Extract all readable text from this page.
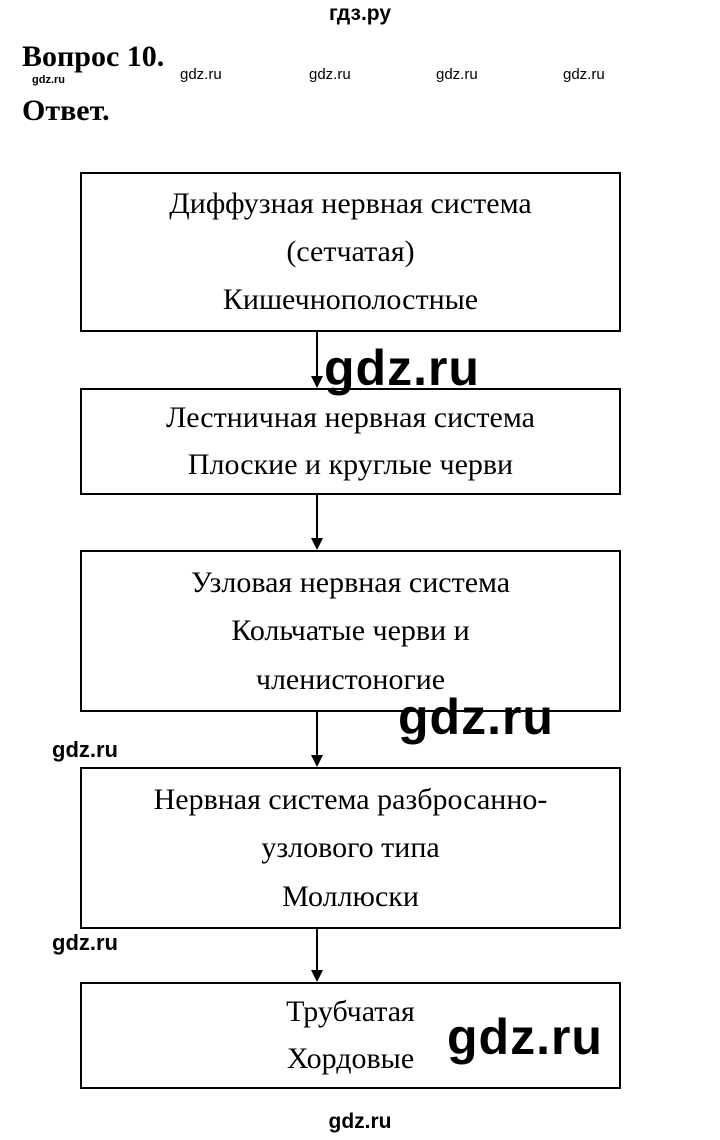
гдз.ру
Вопрос 10.
Ответ.
gdz.ru	gdz.ru	gdz.ru	gdz.ru	gdz.ru
Диффузная нервная система
(сетчатая)
Кишечнополостные
Лестничная нервная система
Плоские и круглые черви
Узловая нервная система
Кольчатые черви и
членистоногие
Нервная система разбросанно-
узлового типа
Моллюски
Трубчатая
Хордовые
gdz.ru
gdz.ru
gdz.ru
gdz.ru
gdz.ru
gdz.ru
